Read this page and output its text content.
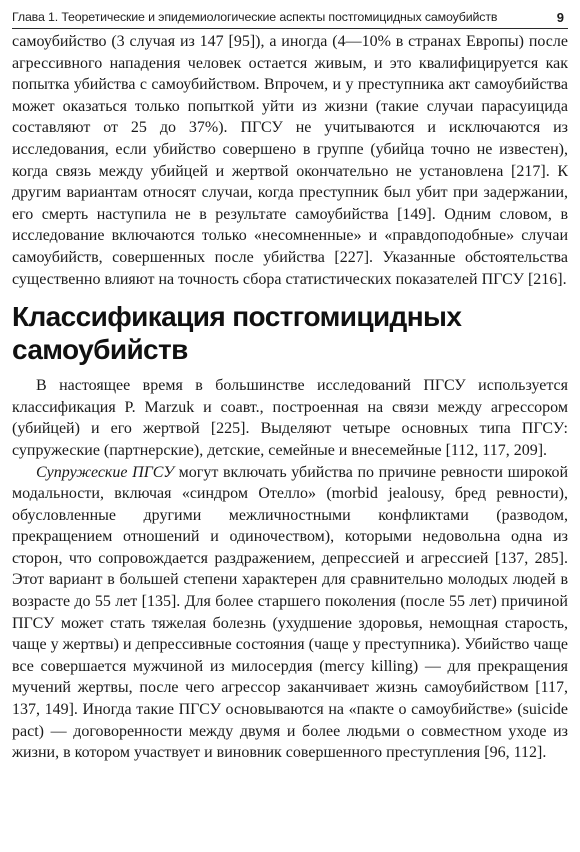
Глава 1. Теоретические и эпидемиологические аспекты постгомицидных самоубийств	9

самоубийство (3 случая из 147 [95]), а иногда (4—10% в странах Европы) после агрессивного нападения человек остается живым, и это квалифицируется как попытка убийства с самоубийством. Впрочем, и у преступника акт самоубийства может оказаться только попыткой уйти из жизни (такие случаи парасуицида составляют от 25 до 37%). ПГСУ не учитываются и исключаются из исследования, если убийство совершено в группе (убийца точно не известен), когда связь между убийцей и жертвой окончательно не установлена [217]. К другим вариантам относят случаи, когда преступник был убит при задержании, его смерть наступила не в результате самоубийства [149]. Одним словом, в исследование включаются только «несомненные» и «правдоподобные» случаи самоубийств, совершенных после убийства [227]. Указанные обстоятельства существенно влияют на точность сбора статистических показателей ПГСУ [216].

Классификация постгомицидных самоубийств

В настоящее время в большинстве исследований ПГСУ используется классификация P. Marzuk и соавт., построенная на связи между агрессором (убийцей) и его жертвой [225]. Выделяют четыре основных типа ПГСУ: супружеские (партнерские), детские, семейные и внесемейные [112, 117, 209].

Супружеские ПГСУ могут включать убийства по причине ревности широкой модальности, включая «синдром Отелло» (morbid jealousy, бред ревности), обусловленные другими межличностными конфликтами (разводом, прекращением отношений и одиночеством), которыми недовольна одна из сторон, что сопровождается раздражением, депрессией и агрессией [137, 285]. Этот вариант в большей степени характерен для сравнительно молодых людей в возрасте до 55 лет [135]. Для более старшего поколения (после 55 лет) причиной ПГСУ может стать тяжелая болезнь (ухудшение здоровья, немощная старость, чаще у жертвы) и депрессивные состояния (чаще у преступника). Убийство чаще все совершается мужчиной из милосердия (mercy killing) — для прекращения мучений жертвы, после чего агрессор заканчивает жизнь самоубийством [117, 137, 149]. Иногда такие ПГСУ основываются на «пакте о самоубийстве» (suicide pact) — договоренности между двумя и более людьми о совместном уходе из жизни, в котором участвует и виновник совершенного преступления [96, 112].
